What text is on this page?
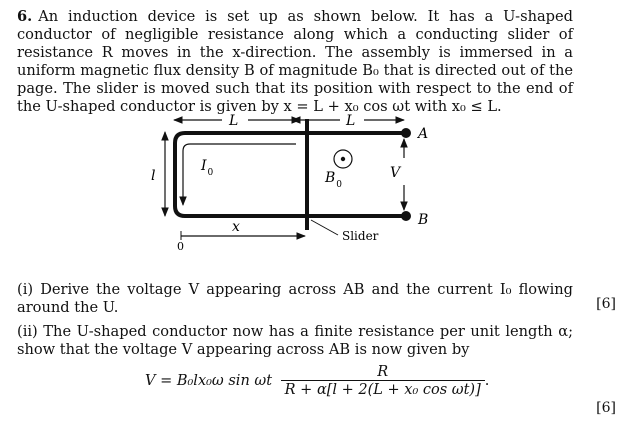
6. An induction device is set up as shown below. It has a U-shaped conductor of negligible resistance along which a conducting slider of resistance R moves in the x-direction. The assembly is immersed in a uniform magnetic flux density B of magnitude B₀ that is directed out of the page. The slider is moved such that its position with respect to the end of the U-shaped conductor is given by x = L + x₀ cos ωt with x₀ ≤ L.
L	L
l
$I_0$	$B_0$
V
A
B
x
0
Slider
(i) Derive the voltage V appearing across AB and the current I₀ flowing around the U.	[6]
(ii) The U-shaped conductor now has a finite resistance per unit length α; show that the voltage V appearing across AB is now given by
V = B₀lx₀ω sin ωt $\frac{R}{\text{R + α[l + 2(L + x₀ cos ωt)]}}$ .
[6]
